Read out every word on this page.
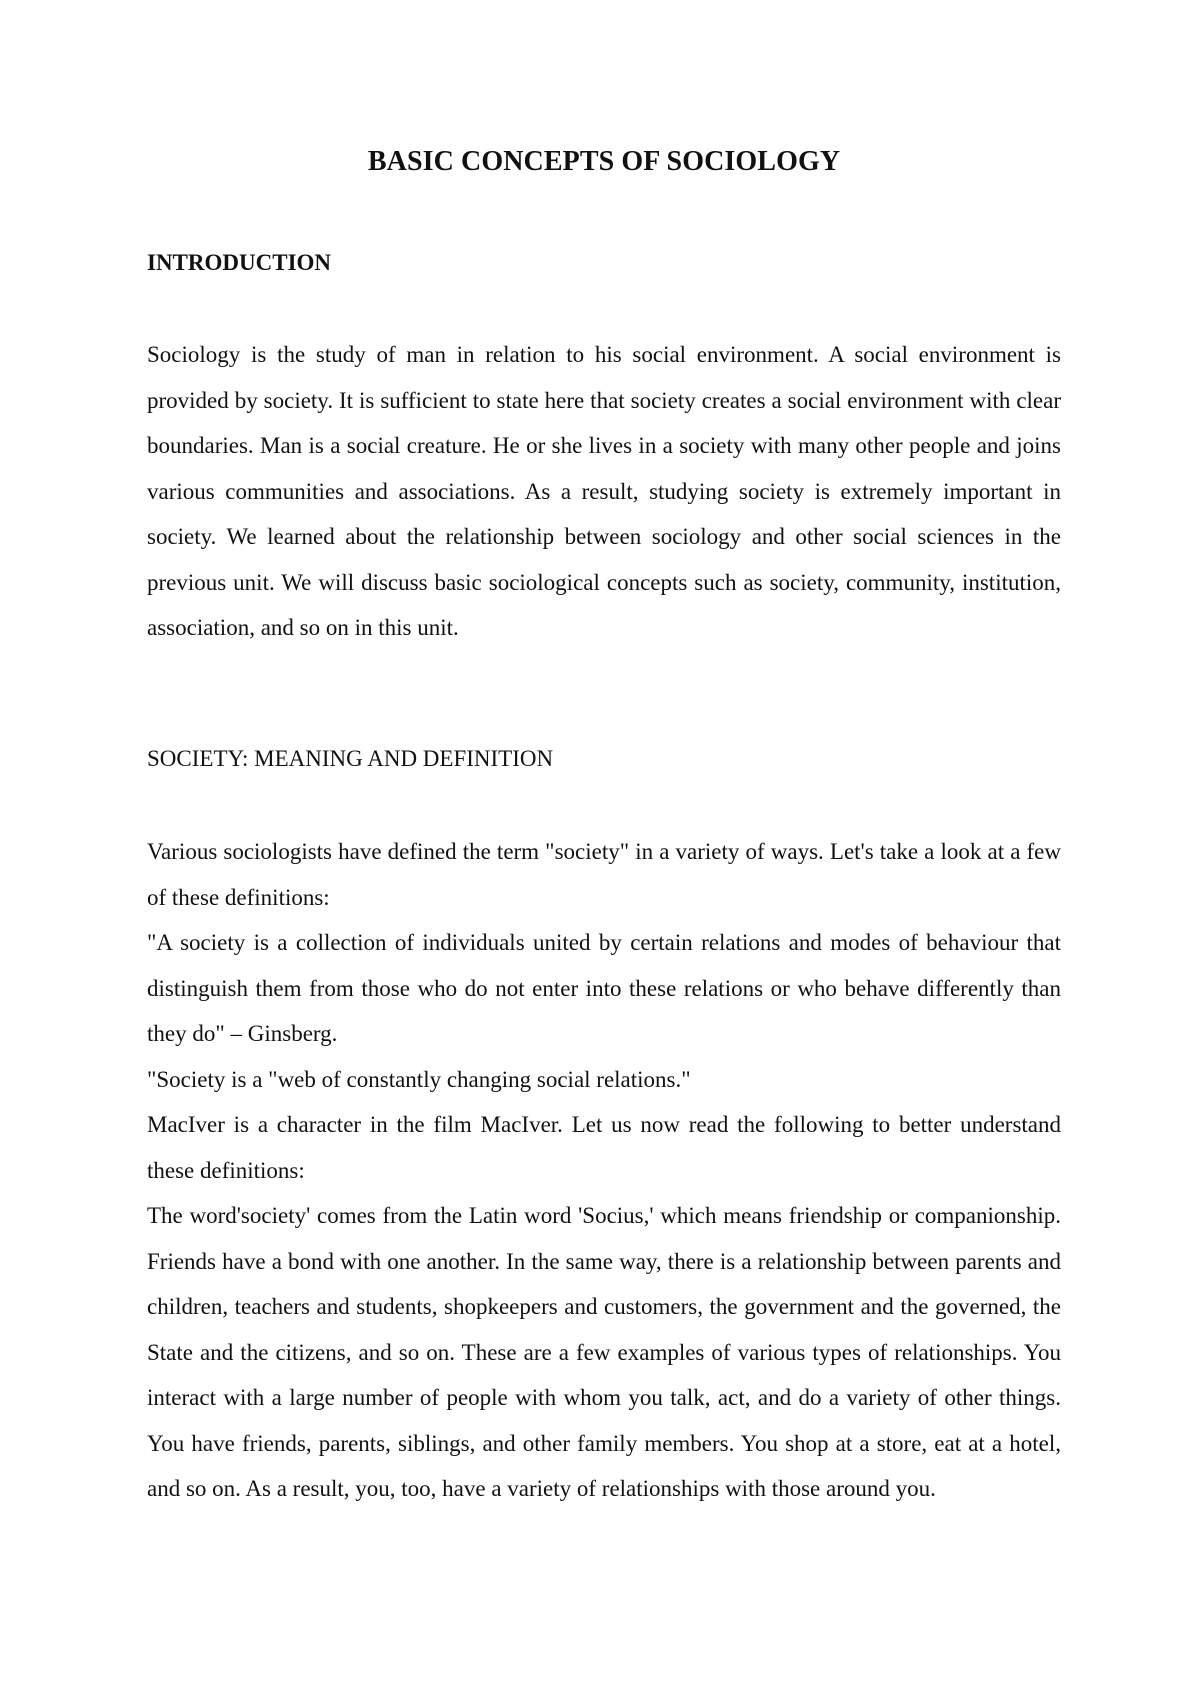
BASIC CONCEPTS OF SOCIOLOGY
INTRODUCTION

Sociology is the study of man in relation to his social environment. A social environment is provided by society. It is sufficient to state here that society creates a social environment with clear boundaries. Man is a social creature. He or she lives in a society with many other people and joins various communities and associations. As a result, studying society is extremely important in society. We learned about the relationship between sociology and other social sciences in the previous unit. We will discuss basic sociological concepts such as society, community, institution, association, and so on in this unit.

SOCIETY: MEANING AND DEFINITION

Various sociologists have defined the term "society" in a variety of ways. Let's take a look at a few of these definitions:

"A society is a collection of individuals united by certain relations and modes of behaviour that distinguish them from those who do not enter into these relations or who behave differently than they do" – Ginsberg.

"Society is a "web of constantly changing social relations."

MacIver is a character in the film MacIver. Let us now read the following to better understand these definitions:

The word'society' comes from the Latin word 'Socius,' which means friendship or companionship. Friends have a bond with one another. In the same way, there is a relationship between parents and children, teachers and students, shopkeepers and customers, the government and the governed, the State and the citizens, and so on. These are a few examples of various types of relationships. You interact with a large number of people with whom you talk, act, and do a variety of other things. You have friends, parents, siblings, and other family members. You shop at a store, eat at a hotel, and so on. As a result, you, too, have a variety of relationships with those around you.
